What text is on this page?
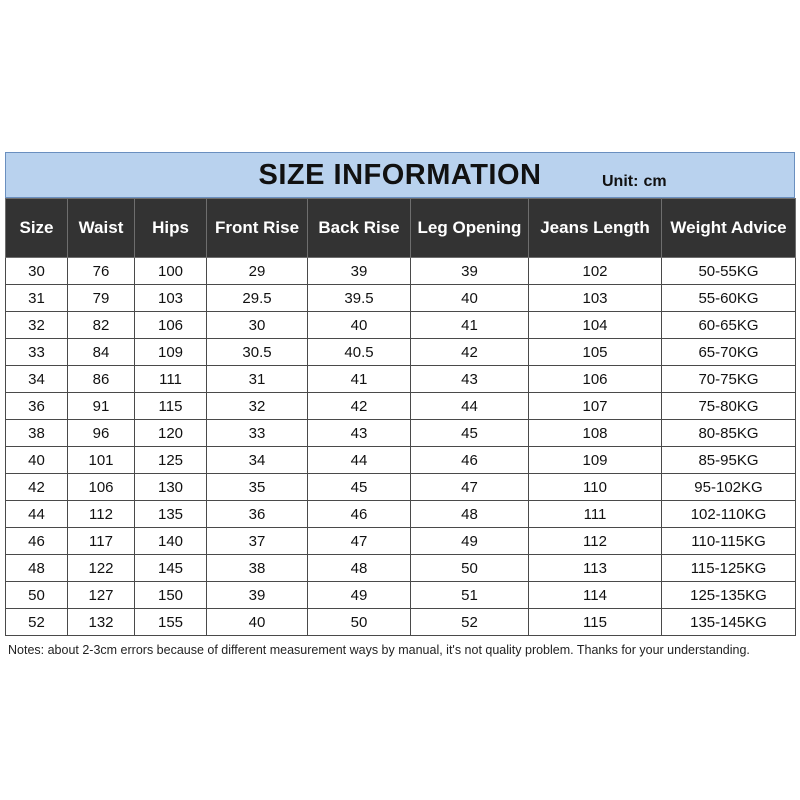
SIZE INFORMATION	Unit: cm
Size	Waist	Hips	Front Rise	Back Rise	Leg Opening	Jeans Length	Weight Advice
30	76	100	29	39	39	102	50-55KG
31	79	103	29.5	39.5	40	103	55-60KG
32	82	106	30	40	41	104	60-65KG
33	84	109	30.5	40.5	42	105	65-70KG
34	86	111	31	41	43	106	70-75KG
36	91	115	32	42	44	107	75-80KG
38	96	120	33	43	45	108	80-85KG
40	101	125	34	44	46	109	85-95KG
42	106	130	35	45	47	110	95-102KG
44	112	135	36	46	48	111	102-110KG
46	117	140	37	47	49	112	110-115KG
48	122	145	38	48	50	113	115-125KG
50	127	150	39	49	51	114	125-135KG
52	132	155	40	50	52	115	135-145KG
Notes: about 2-3cm errors because of different measurement ways by manual, it's not quality problem. Thanks for your understanding.
